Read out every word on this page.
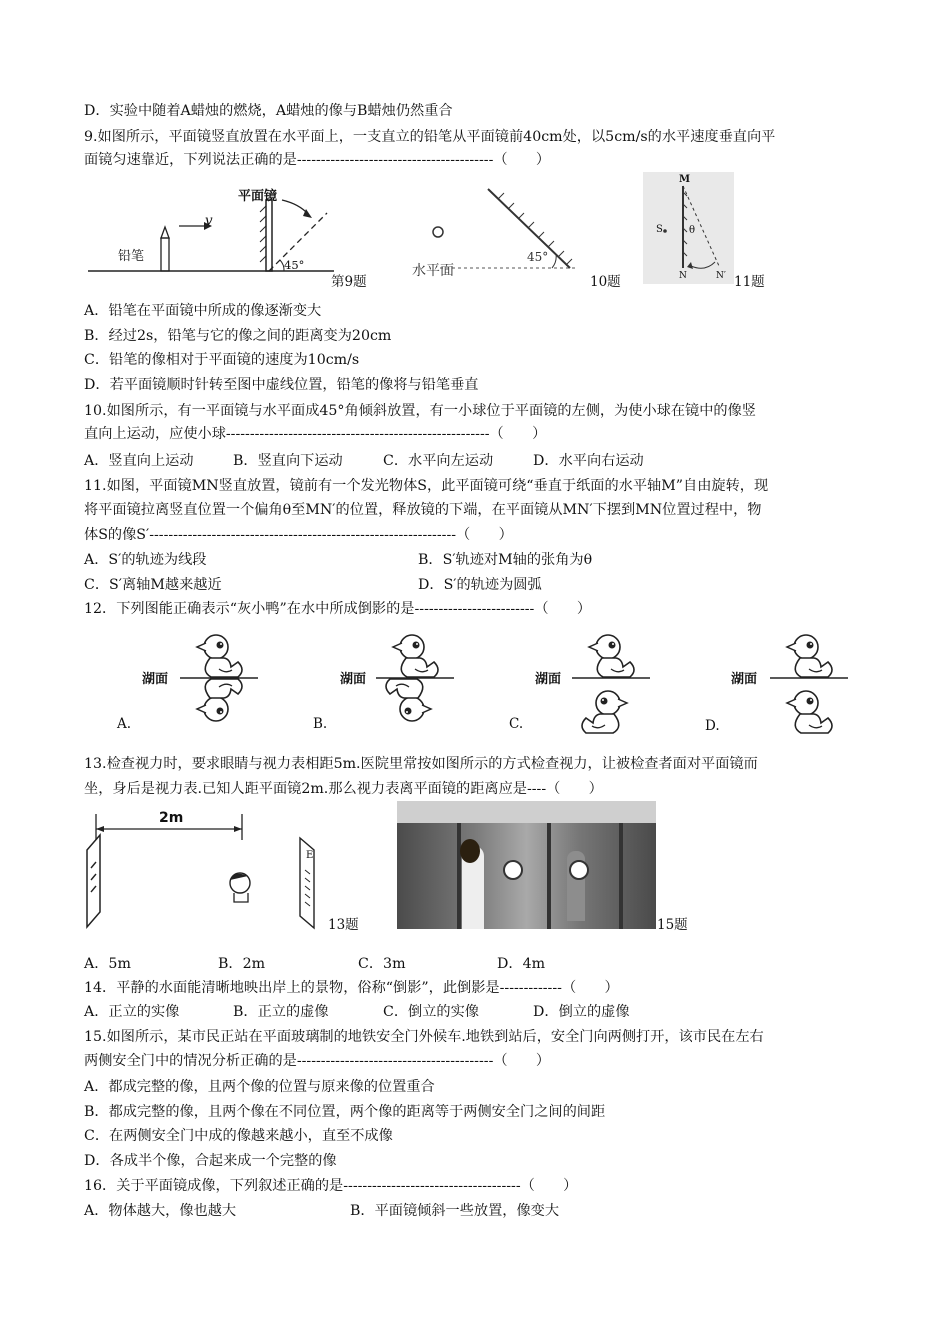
D．实验中随着A蜡烛的燃烧，A蜡烛的像与B蜡烛仍然重合
9.如图所示，平面镜竖直放置在水平面上，一支直立的铅笔从平面镜前40cm处，以5cm/s的水平速度垂直向平
面镜匀速靠近，下列说法正确的是-----------------------------------------（　　）
铅笔
v
平面镜
45°
第9题
水平面
45°
10题
M
S	θ
N	N′ 11题
A．铅笔在平面镜中所成的像逐渐变大
B．经过2s，铅笔与它的像之间的距离变为20cm
C．铅笔的像相对于平面镜的速度为10cm/s
D．若平面镜顺时针转至图中虚线位置，铅笔的像将与铅笔垂直
10.如图所示，有一平面镜与水平面成45°角倾斜放置，有一小球位于平面镜的左侧，为使小球在镜中的像竖
直向上运动，应使小球-------------------------------------------------------（　　）
A．竖直向上运动	B．竖直向下运动	C．水平向左运动	D．水平向右运动
11.如图，平面镜MN竖直放置，镜前有一个发光物体S，此平面镜可绕“垂直于纸面的水平轴M”自由旋转，现
将平面镜拉离竖直位置一个偏角θ至MN′的位置，释放镜的下端，在平面镜从MN′下摆到MN位置过程中，物
体S的像S′----------------------------------------------------------------（　　）
A．S′的轨迹为线段	B．S′轨迹对M轴的张角为θ
C．S′离轴M越来越近	D．S′的轨迹为圆弧
12．下列图能正确表示“灰小鸭”在水中所成倒影的是-------------------------（　　）
湖面
A.
湖面
B.
湖面
C.
湖面
D.
13.检查视力时，要求眼睛与视力表相距5m.医院里常按如图所示的方式检查视力，让被检查者面对平面镜而
坐，身后是视力表.已知人距平面镜2m.那么视力表离平面镜的距离应是----（　　）
2m
E
13题	15题
A．5m	B．2m	C．3m	D．4m
14．平静的水面能清晰地映出岸上的景物，俗称“倒影”，此倒影是-------------（　　）
A．正立的实像	B．正立的虚像	C．倒立的实像	D．倒立的虚像
15.如图所示，某市民正站在平面玻璃制的地铁安全门外候车.地铁到站后，安全门向两侧打开，该市民在左右
两侧安全门中的情况分析正确的是-----------------------------------------（　　）
A．都成完整的像，且两个像的位置与原来像的位置重合
B．都成完整的像，且两个像在不同位置，两个像的距离等于两侧安全门之间的间距
C．在两侧安全门中成的像越来越小，直至不成像
D．各成半个像，合起来成一个完整的像
16．关于平面镜成像，下列叙述正确的是-------------------------------------（　　）
A．物体越大，像也越大	B．平面镜倾斜一些放置，像变大
